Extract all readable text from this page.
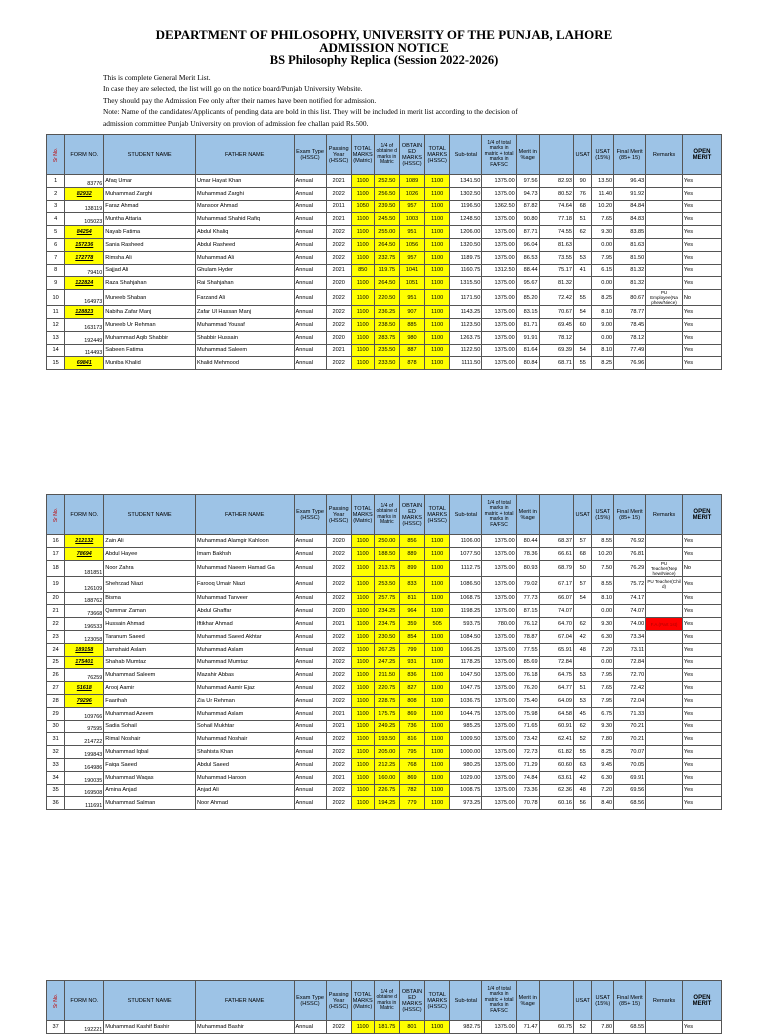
DEPARTMENT OF PHILOSOPHY, UNIVERSITY OF THE PUNJAB, LAHORE
ADMISSION NOTICE
BS Philosophy Replica (Session 2022-2026)

This is complete General Merit List.

In case they are selected, the list will go on the notice board/Punjab University Website.

They should pay the Admission Fee only after their names have been notified for admission.

Note: Name of the candidates/Applicants of pending data are bold in this list. They will be included in merit list according to the decision of

admission committee Punjab University on provion of admission fee challan paid Rs.500.

Sr No.	FORM NO.	STUDENT NAME	FATHER NAME	Exam Type (HSSC)	Passing Year (HSSC)	TOTAL MARKS (Matric)	1/4 of obtaine d marks in Matric	OBTAIN ED MARKS (HSSC)	TOTAL MARKS (HSSC)	Sub-total	1/4 of total marks in matric + total marks in FA/FSC	Merit in %age		USAT	USAT (15%)	Final Merit (85+ 15)	Remarks	OPEN MERIT
1	83776	Afaq Umar	Umar Hayat Khan	Annual	2021	1100	252.50	1089	1100	1341.50	1375.00	97.56	82.93	90	13.50	96.43		Yes
2	82932	Muhammad Zarghi	Muhammad Zarghi	Annual	2022	1100	256.50	1026	1100	1302.50	1375.00	94.73	80.52	76	11.40	91.92		Yes
3	138119	Faraz Ahmad	Mansoor Ahmad	Annual	2011	1050	239.50	957	1100	1196.50	1362.50	87.82	74.64	68	10.20	84.84		Yes
4	105023	Muntha Attaria	Muhammad Shahid Rafiq	Annual	2021	1100	245.50	1003	1100	1248.50	1375.00	90.80	77.18	51	7.65	84.83		Yes
5	84254	Nayab Fatima	Abdul Khaliq	Annual	2022	1100	255.00	951	1100	1206.00	1375.00	87.71	74.55	62	9.30	83.85		Yes
6	157236	Sania Rasheed	Abdul Rasheed	Annual	2022	1100	264.50	1056	1100	1320.50	1375.00	96.04	81.63		0.00	81.63		Yes
7	172778	Rimsha Ali	Muhammad Ali	Annual	2022	1100	232.75	957	1100	1189.75	1375.00	86.53	73.55	53	7.95	81.50		Yes
8	79410	Sajjad Ali	Ghulam Hyder	Annual	2021	850	119.75	1041	1100	1160.75	1312.50	88.44	75.17	41	6.15	81.32		Yes
9	122824	Raza Shahjahan	Rai Shahjahan	Annual	2020	1100	264.50	1051	1100	1315.50	1375.00	95.67	81.32		0.00	81.32		Yes
10	164973	Muneeb Shaban	Farzand Ali	Annual	2022	1100	220.50	951	1100	1171.50	1375.00	85.20	72.42	55	8.25	80.67	PU Employee(Na phew/Niece)	No
11	128823	Nabiha Zafar Manj	Zafar Ul Hassan Manj	Annual	2022	1100	236.25	907	1100	1143.25	1375.00	83.15	70.67	54	8.10	78.77		Yes
12	163173	Muneeb Ur Rehman	Muhammad Yousaf	Annual	2022	1100	238.50	885	1100	1123.50	1375.00	81.71	69.45	60	9.00	78.45		Yes
13	192449	Muhammad Aqib Shabbir	Shabbir Hussain	Annual	2020	1100	283.75	980	1100	1263.75	1375.00	91.91	78.12		0.00	78.12		Yes
14	114493	Sabeen Fatima	Muhammad Saleem	Annual	2021	1100	235.50	887	1100	1122.50	1375.00	81.64	69.39	54	8.10	77.49		Yes
15	69841	Muniba Khalid	Khalid Mehmood	Annual	2022	1100	233.50	878	1100	1111.50	1375.00	80.84	68.71	55	8.25	76.96		Yes
Sr No.	FORM NO.	STUDENT NAME	FATHER NAME	Exam Type (HSSC)	Passing Year (HSSC)	TOTAL MARKS (Matric)	1/4 of obtaine d marks in Matric	OBTAIN ED MARKS (HSSC)	TOTAL MARKS (HSSC)	Sub-total	1/4 of total marks in matric + total marks in FA/FSC	Merit in %age		USAT	USAT (15%)	Final Merit (85+ 15)	Remarks	OPEN MERIT
16	212132	Zain Ali	Muhammad Alamgir Kahloon	Annual	2020	1100	250.00	856	1100	1106.00	1375.00	80.44	68.37	57	8.55	76.92		Yes
17	78694	Abdul Hayee	Imam Bakhsh	Annual	2022	1100	188.50	889	1100	1077.50	1375.00	78.36	66.61	68	10.20	76.81		Yes
18	181851	Noor Zahra	Muhammad Naeem Hamad Ga	Annual	2022	1100	213.75	899	1100	1112.75	1375.00	80.93	68.79	50	7.50	76.29	PU Teacher(Nep hew/Niece)	No
19	126109	Shehrzad Niazi	Farooq Umair Niazi	Annual	2022	1100	253.50	833	1100	1086.50	1375.00	79.02	67.17	57	8.55	75.72	PU Teacher(Chil d)	Yes
20	188762	Bisma	Muhammad Tanveer	Annual	2022	1100	257.75	811	1100	1068.75	1375.00	77.73	66.07	54	8.10	74.17		Yes
21	73668	Qammar Zaman	Abdul Ghaffar	Annual	2020	1100	234.25	964	1100	1198.25	1375.00	87.15	74.07		0.00	74.07		Yes
22	196533	Hussain Ahmad	Iftikhar Ahmad	Annual	2021	1100	234.75	359	505	593.75	780.00	76.12	64.70	62	9.30	74.00	F.A.(Part 1st)	Yes
23	123058	Taranum Saeed	Muhammad Saeed Akhtar	Annual	2022	1100	230.50	854	1100	1084.50	1375.00	78.87	67.04	42	6.30	73.34		Yes
24	189158	Jamshaid Aslam	Muhammad Aslam	Annual	2022	1100	267.25	799	1100	1066.25	1375.00	77.55	65.91	48	7.20	73.11		Yes
25	175401	Shahab Mumtaz	Muhammad Mumtaz	Annual	2022	1100	247.25	931	1100	1178.25	1375.00	85.69	72.84		0.00	72.84		Yes
26	76259	Muhammad Saleem	Mazahir Abbas	Annual	2022	1100	211.50	836	1100	1047.50	1375.00	76.18	64.75	53	7.95	72.70		Yes
27	51618	Arooj Aamir	Muhammad Aamir Ejaz	Annual	2022	1100	220.75	827	1100	1047.75	1375.00	76.20	64.77	51	7.65	72.42		Yes
28	79296	Faarihah	Zia Ur Rehman	Annual	2022	1100	228.75	808	1100	1036.75	1375.00	75.40	64.09	53	7.95	72.04		Yes
29	109766	Muhammad Azeem	Muhammad Aslam	Annual	2021	1100	175.75	869	1100	1044.75	1375.00	75.98	64.58	45	6.75	71.33		Yes
30	97595	Sadia Sohail	Sohail Mukhtar	Annual	2021	1100	249.25	736	1100	985.25	1375.00	71.65	60.91	62	9.30	70.21		Yes
31	214722	Rimal Noshair	Muhammad Noshair	Annual	2022	1100	193.50	816	1100	1009.50	1375.00	73.42	62.41	52	7.80	70.21		Yes
32	199843	Muhammad Iqbal	Shahista Khan	Annual	2022	1100	205.00	795	1100	1000.00	1375.00	72.73	61.82	55	8.25	70.07		Yes
33	164986	Faiqa Saeed	Abdul Saeed	Annual	2022	1100	212.25	768	1100	980.25	1375.00	71.29	60.60	63	9.45	70.05		Yes
34	190035	Muhammad Waqas	Muhammad Haroon	Annual	2021	1100	160.00	869	1100	1029.00	1375.00	74.84	63.61	42	6.30	69.91		Yes
35	169508	Amina Anjad	Anjad Ali	Annual	2022	1100	226.75	782	1100	1008.75	1375.00	73.36	62.36	48	7.20	69.56		Yes
36	111691	Muhammad Salman	Noor Ahmad	Annual	2022	1100	194.25	779	1100	973.25	1375.00	70.78	60.16	56	8.40	68.56		Yes
Sr No.	FORM NO.	STUDENT NAME	FATHER NAME	Exam Type (HSSC)	Passing Year (HSSC)	TOTAL MARKS (Matric)	1/4 of obtaine d marks in Matric	OBTAIN ED MARKS (HSSC)	TOTAL MARKS (HSSC)	Sub-total	1/4 of total marks in matric + total marks in FA/FSC	Merit in %age		USAT	USAT (15%)	Final Merit (85+ 15)	Remarks	OPEN MERIT
37	192221	Muhammad Kashif Bashir	Muhammad Bashir	Annual	2022	1100	181.75	801	1100	982.75	1375.00	71.47	60.75	52	7.80	68.55		Yes
